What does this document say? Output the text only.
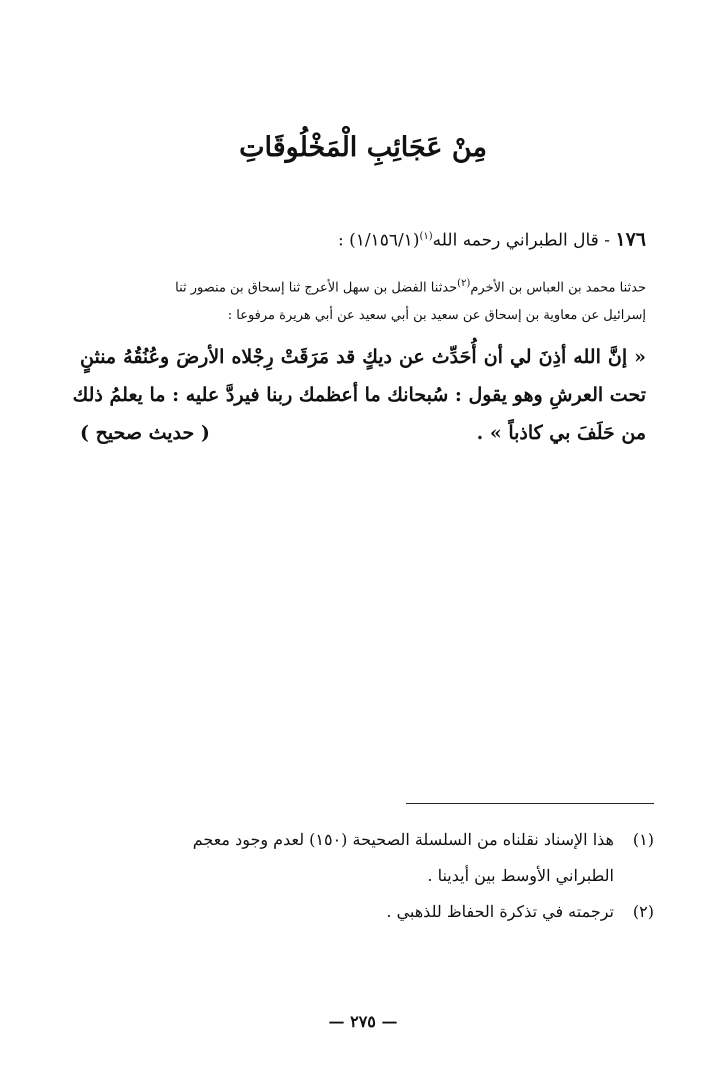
مِنْ عَجَائِبِ الْمَخْلُوقَاتِ
١٧٦ - قال الطبراني رحمه الله$^{(١)}$(١/١٥٦/١) :
حدثنا محمد بن العباس بن الأخرم$^{(٢)}$حدثنا الفضل بن سهل الأعرج ثنا إسحاق بن منصور ثنا
إسرائيل عن معاوية بن إسحاق عن سعيد بن أبي سعيد عن أبي هريرة مرفوعا :
« إنَّ الله أذِنَ لي أن أُحَدِّث عن ديكٍ قد مَرَقَتْ رِجْلاه الأرضَ وعُنُقُهُ منثنٍ
تحت العرشِ وهو يقول : سُبحانك ما أعظمك ربنا فيردَّ عليه : ما يعلمُ ذلك
من حَلَفَ بي كاذباً » .
( حديث صحيح )
(١)
هذا الإسناد نقلناه من السلسلة الصحيحة (١٥٠) لعدم وجود معجم
الطبراني الأوسط بين أيدينا .
(٢)
ترجمته في تذكرة الحفاظ للذهبي .
— ٢٧٥ —
